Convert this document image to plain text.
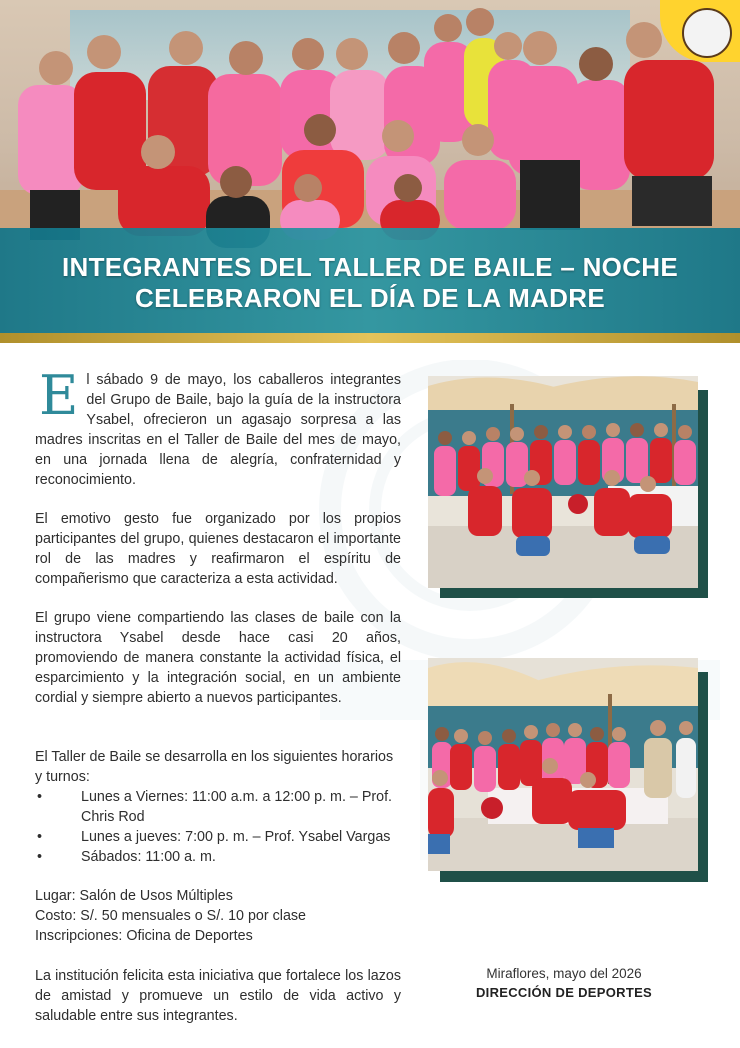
INTEGRANTES DEL TALLER DE BAILE – NOCHE
CELEBRARON EL DÍA DE LA MADRE
El sábado 9 de mayo, los caballeros integrantes del Grupo de Baile, bajo la guía de la instructora Ysabel, ofrecieron un agasajo sorpresa a las madres inscritas en el Taller de Baile del mes de mayo, en una jornada llena de alegría, confraternidad y reconocimiento.
El emotivo gesto fue organizado por los propios participantes del grupo, quienes destacaron el importante rol de las madres y reafirmaron el espíritu de compañerismo que caracteriza a esta actividad.
El grupo viene compartiendo las clases de baile con la instructora Ysabel desde hace casi 20 años, promoviendo de manera constante la actividad física, el esparcimiento y la integración social, en un ambiente cordial y siempre abierto a nuevos participantes.
El Taller de Baile se desarrolla en los siguientes horarios y turnos:
•	Lunes a Viernes: 11:00 a.m. a 12:00 p. m. – Prof. Chris Rod
•	Lunes a jueves: 7:00 p. m. – Prof. Ysabel Vargas
•	Sábados: 11:00 a. m.
Lugar: Salón de Usos Múltiples
Costo: S/. 50 mensuales o S/. 10 por clase
Inscripciones: Oficina de Deportes
La institución felicita esta iniciativa que fortalece los lazos de amistad y promueve un estilo de vida activo y saludable entre sus integrantes.
Miraflores, mayo del 2026
DIRECCIÓN DE DEPORTES
